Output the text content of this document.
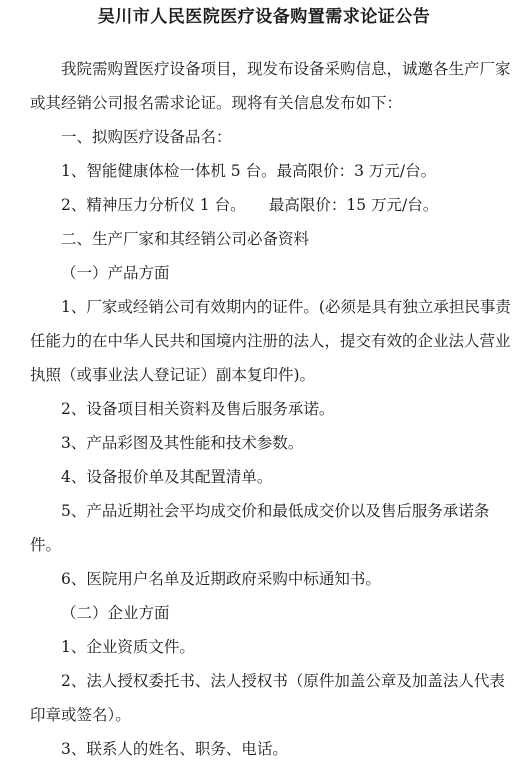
吴川市人民医院医疗设备购置需求论证公告

我院需购置医疗设备项目，现发布设备采购信息，诚邀各生产厂家或其经销公司报名需求论证。现将有关信息发布如下：

一、拟购医疗设备品名：

1、智能健康体检一体机 5 台。最高限价：3 万元/台。

2、精神压力分析仪 1 台。　　最高限价：15 万元/台。

二、生产厂家和其经销公司必备资料

（一）产品方面

1、厂家或经销公司有效期内的证件。(必须是具有独立承担民事责任能力的在中华人民共和国境内注册的法人，提交有效的企业法人营业执照（或事业法人登记证）副本复印件)。

2、设备项目相关资料及售后服务承诺。

3、产品彩图及其性能和技术参数。

4、设备报价单及其配置清单。

5、产品近期社会平均成交价和最低成交价以及售后服务承诺条件。

6、医院用户名单及近期政府采购中标通知书。

（二）企业方面

1、企业资质文件。

2、法人授权委托书、法人授权书（原件加盖公章及加盖法人代表印章或签名）。

3、联系人的姓名、职务、电话。
